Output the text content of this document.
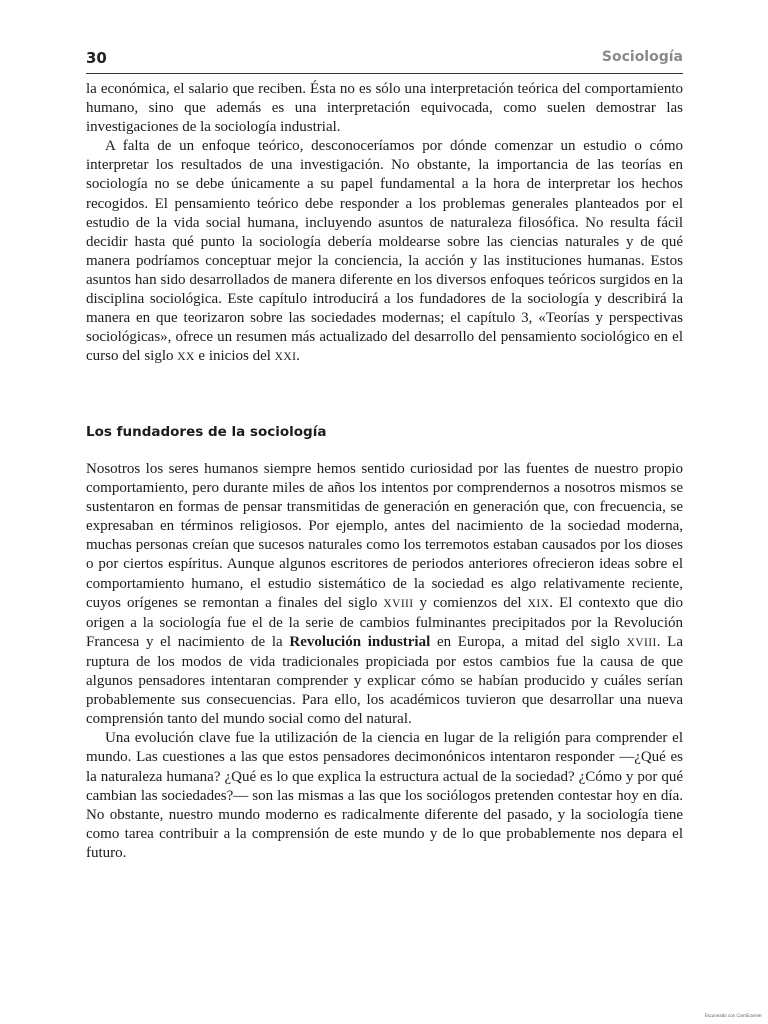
30	Sociología

la económica, el salario que reciben. Ésta no es sólo una interpretación teórica del comportamiento humano, sino que además es una interpretación equivocada, como suelen demostrar las investigaciones de la sociología industrial.

A falta de un enfoque teórico, desconoceríamos por dónde comenzar un estudio o cómo interpretar los resultados de una investigación. No obstante, la importancia de las teorías en sociología no se debe únicamente a su papel fundamental a la hora de interpretar los hechos recogidos. El pensamiento teórico debe responder a los problemas generales planteados por el estudio de la vida social humana, incluyendo asuntos de naturaleza filosófica. No resulta fácil decidir hasta qué punto la sociología debería moldearse sobre las ciencias naturales y de qué manera podríamos conceptuar mejor la conciencia, la acción y las instituciones humanas. Estos asuntos han sido desarrollados de manera diferente en los diversos enfoques teóricos surgidos en la disciplina sociológica. Este capítulo introducirá a los fundadores de la sociología y describirá la manera en que teorizaron sobre las sociedades modernas; el capítulo 3, «Teorías y perspectivas sociológicas», ofrece un resumen más actualizado del desarrollo del pensamiento sociológico en el curso del siglo XX e inicios del XXI.

Los fundadores de la sociología

Nosotros los seres humanos siempre hemos sentido curiosidad por las fuentes de nuestro propio comportamiento, pero durante miles de años los intentos por comprendernos a nosotros mismos se sustentaron en formas de pensar transmitidas de generación en generación que, con frecuencia, se expresaban en términos religiosos. Por ejemplo, antes del nacimiento de la sociedad moderna, muchas personas creían que sucesos naturales como los terremotos estaban causados por los dioses o por ciertos espíritus. Aunque algunos escritores de periodos anteriores ofrecieron ideas sobre el comportamiento humano, el estudio sistemático de la sociedad es algo relativamente reciente, cuyos orígenes se remontan a finales del siglo XVIII y comienzos del XIX. El contexto que dio origen a la sociología fue el de la serie de cambios fulminantes precipitados por la Revolución Francesa y el nacimiento de la Revolución industrial en Europa, a mitad del siglo XVIII. La ruptura de los modos de vida tradicionales propiciada por estos cambios fue la causa de que algunos pensadores intentaran comprender y explicar cómo se habían producido y cuáles serían probablemente sus consecuencias. Para ello, los académicos tuvieron que desarrollar una nueva comprensión tanto del mundo social como del natural.

Una evolución clave fue la utilización de la ciencia en lugar de la religión para comprender el mundo. Las cuestiones a las que estos pensadores decimonónicos intentaron responder —¿Qué es la naturaleza humana? ¿Qué es lo que explica la estructura actual de la sociedad? ¿Cómo y por qué cambian las sociedades?— son las mismas a las que los sociólogos pretenden contestar hoy en día. No obstante, nuestro mundo moderno es radicalmente diferente del pasado, y la sociología tiene como tarea contribuir a la comprensión de este mundo y de lo que probablemente nos depara el futuro.

Escaneado con CamScanner
